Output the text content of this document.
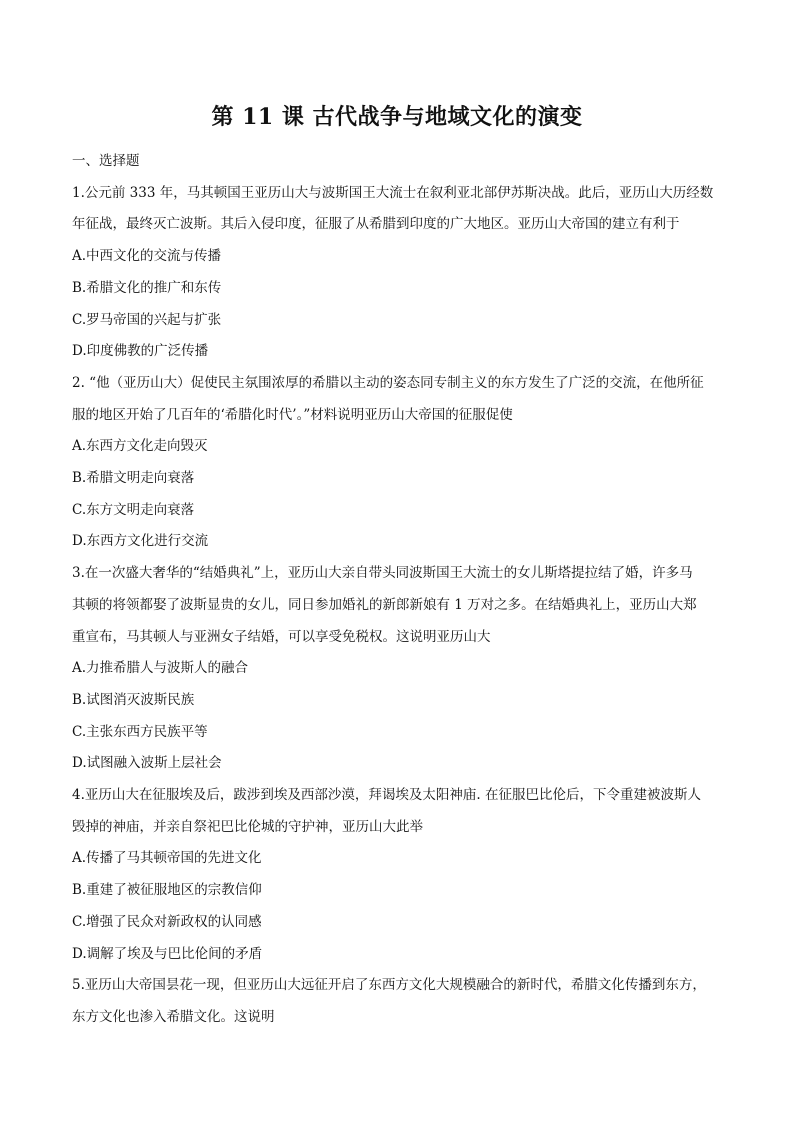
第 11 课 古代战争与地域文化的演变

一、选择题

1.公元前 333 年，马其顿国王亚历山大与波斯国王大流士在叙利亚北部伊苏斯决战。此后，亚历山大历经数

年征战，最终灭亡波斯。其后入侵印度，征服了从希腊到印度的广大地区。亚历山大帝国的建立有利于

A.中西文化的交流与传播

B.希腊文化的推广和东传

C.罗马帝国的兴起与扩张

D.印度佛教的广泛传播

2. “他（亚历山大）促使民主氛围浓厚的希腊以主动的姿态同专制主义的东方发生了广泛的交流，在他所征

服的地区开始了几百年的‘希腊化时代’。”材料说明亚历山大帝国的征服促使

A.东西方文化走向毁灭

B.希腊文明走向衰落

C.东方文明走向衰落

D.东西方文化进行交流

3.在一次盛大奢华的“结婚典礼”上，亚历山大亲自带头同波斯国王大流士的女儿斯塔提拉结了婚，许多马

其顿的将领都娶了波斯显贵的女儿，同日参加婚礼的新郎新娘有 1 万对之多。在结婚典礼上，亚历山大郑

重宣布，马其顿人与亚洲女子结婚，可以享受免税权。这说明亚历山大

A.力推希腊人与波斯人的融合

B.试图消灭波斯民族

C.主张东西方民族平等

D.试图融入波斯上层社会

4.亚历山大在征服埃及后，跋涉到埃及西部沙漠，拜谒埃及太阳神庙. 在征服巴比伦后，下令重建被波斯人

毁掉的神庙，并亲自祭祀巴比伦城的守护神，亚历山大此举

A.传播了马其顿帝国的先进文化

B.重建了被征服地区的宗教信仰

C.增强了民众对新政权的认同感

D.调解了埃及与巴比伦间的矛盾

5.亚历山大帝国昙花一现，但亚历山大远征开启了东西方文化大规模融合的新时代，希腊文化传播到东方，

东方文化也渗入希腊文化。这说明
